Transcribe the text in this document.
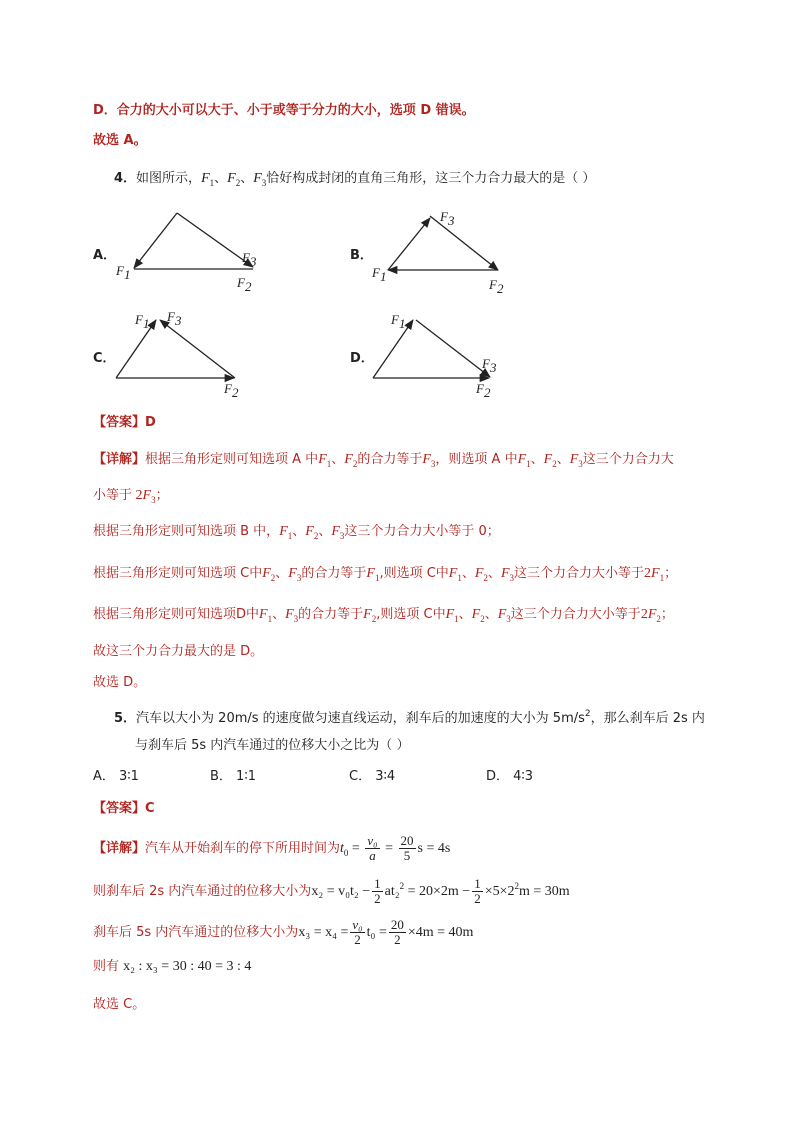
D．合力的大小可以大于、小于或等于分力的大小，选项 D 错误。
故选 A。
4．如图所示，$F_1$、$F_2$、$F_3$恰好构成封闭的直角三角形，这三个力合力最大的是（ ）
A．	B．
C．	D．
F1
F3
F2
F3
F1
F2
F1 F3
F2
F1
F3
F2
【答案】D
【详解】根据三角形定则可知选项 A 中$F_1$、$F_2$的合力等于$F_3$，则选项 A 中$F_1$、$F_2$、$F_3$这三个力合力大
小等于 $2F_3$；
根据三角形定则可知选项 B 中，$F_1$、$F_2$、$F_3$这三个力合力大小等于 0；
根据三角形定则可知选项 C中$F_2$、$F_3$的合力等于$F_1$,则选项 C中$F_1$、$F_2$、$F_3$这三个力合力大小等于$2F_1$；
根据三角形定则可知选项D中$F_1$、$F_3$的合力等于$F_2$,则选项 C中$F_1$、$F_2$、$F_3$这三个力合力大小等于$2F_2$；
故这三个力合力最大的是 D。
故选 D。
5．汽车以大小为 20m/s 的速度做匀速直线运动，刹车后的加速度的大小为 $5m/s^2$，那么刹车后 2s 内
与刹车后 5s 内汽车通过的位移大小之比为（ ）
A． 3∶1	B． 1∶1	C． 3∶4	D． 4∶3
【答案】C
【详解】汽车从开始刹车的停下所用时间为$t_0 = \frac{\text{v₀}}{a} = \frac{20}{5}$ s = 4s
则刹车后 2s 内汽车通过的位移大小为$x_2 = v_0t_2 - \frac{1}{2} at_2^2 = 20\times 2m - \frac{1}{2} \times 5\times 2^2m = 30m$
刹车后 5s 内汽车通过的位移大小为$x_3 = x_4 = \frac{\text{v₀}}{2} t_0 = \frac{20}{2} \times 4m = 40m$
则有 x₂ : x₃ = 30 : 40 = 3 : 4
故选 C。
